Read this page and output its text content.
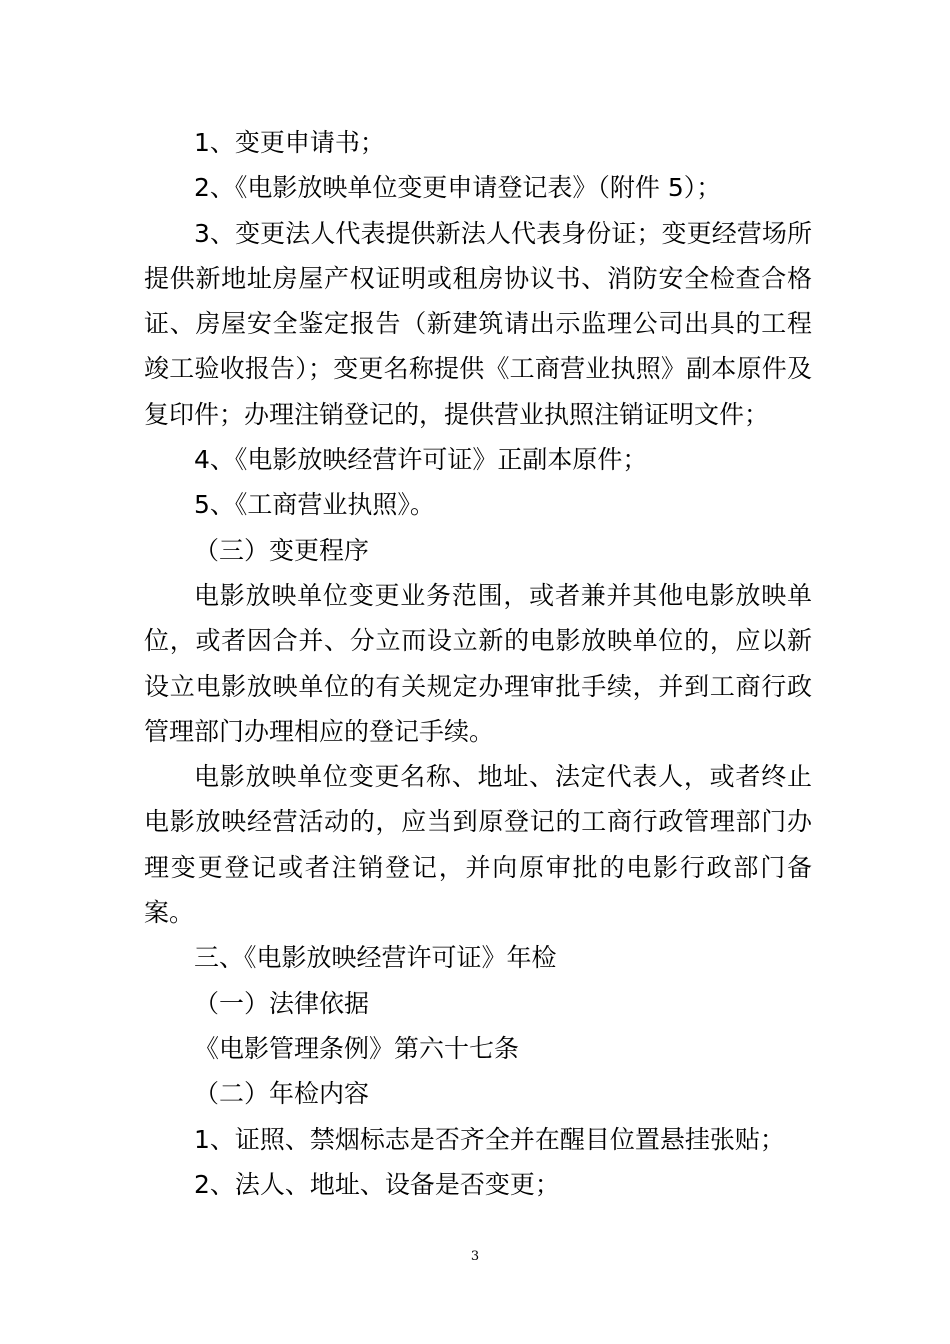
1、变更申请书；

2、《电影放映单位变更申请登记表》（附件 5）；

3、变更法人代表提供新法人代表身份证；变更经营场所提供新地址房屋产权证明或租房协议书、消防安全检查合格证、房屋安全鉴定报告（新建筑请出示监理公司出具的工程竣工验收报告）；变更名称提供《工商营业执照》副本原件及复印件；办理注销登记的，提供营业执照注销证明文件；

4、《电影放映经营许可证》正副本原件；

5、《工商营业执照》。

（三）变更程序

电影放映单位变更业务范围，或者兼并其他电影放映单位，或者因合并、分立而设立新的电影放映单位的，应以新设立电影放映单位的有关规定办理审批手续，并到工商行政管理部门办理相应的登记手续。

电影放映单位变更名称、地址、法定代表人，或者终止电影放映经营活动的，应当到原登记的工商行政管理部门办理变更登记或者注销登记，并向原审批的电影行政部门备案。

三、《电影放映经营许可证》年检

（一）法律依据

《电影管理条例》第六十七条

（二）年检内容

1、证照、禁烟标志是否齐全并在醒目位置悬挂张贴；

2、法人、地址、设备是否变更；

3
